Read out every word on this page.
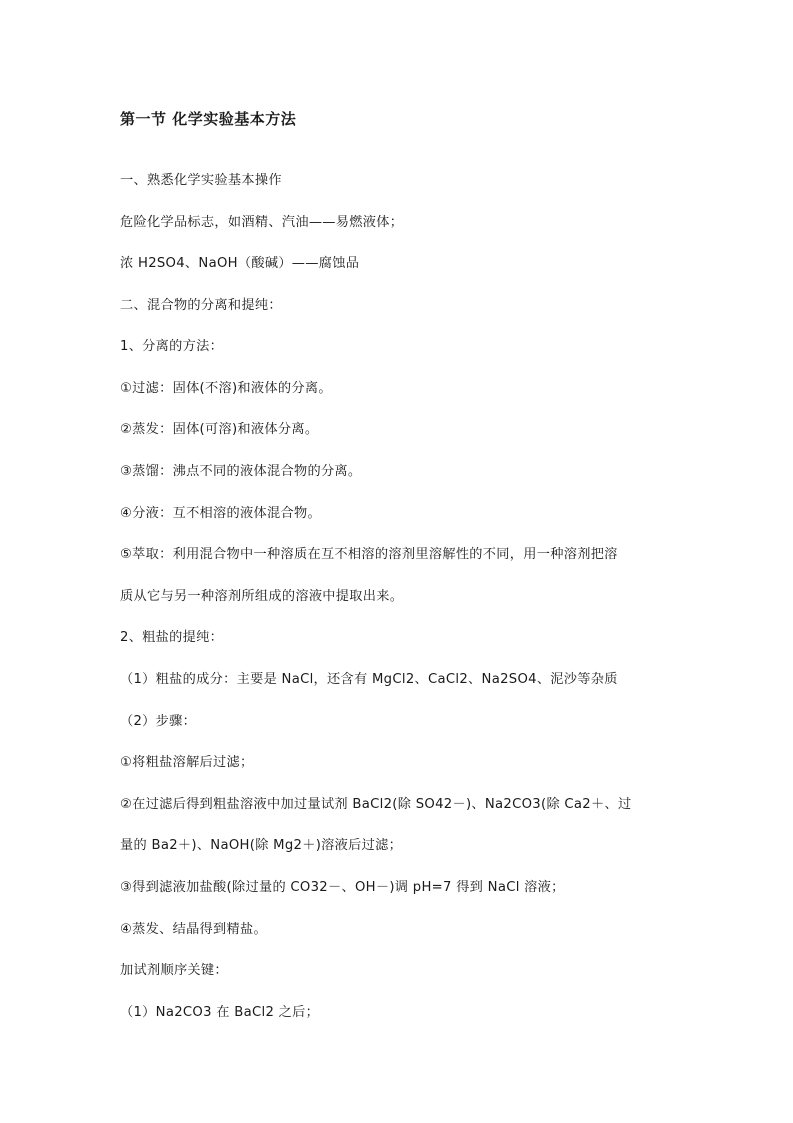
第一节 化学实验基本方法
一、熟悉化学实验基本操作
危险化学品标志，如酒精、汽油——易燃液体；
浓 H2SO4、NaOH（酸碱）——腐蚀品
二、混合物的分离和提纯：
1、分离的方法：
①过滤：固体(不溶)和液体的分离。
②蒸发：固体(可溶)和液体分离。
③蒸馏：沸点不同的液体混合物的分离。
④分液：互不相溶的液体混合物。
⑤萃取：利用混合物中一种溶质在互不相溶的溶剂里溶解性的不同，用一种溶剂把溶
质从它与另一种溶剂所组成的溶液中提取出来。
2、粗盐的提纯：
（1）粗盐的成分：主要是 NaCl，还含有 MgCl2、CaCl2、Na2SO4、泥沙等杂质
（2）步骤：
①将粗盐溶解后过滤；
②在过滤后得到粗盐溶液中加过量试剂 BaCl2(除 SO42－)、Na2CO3(除 Ca2＋、过
量的 Ba2＋)、NaOH(除 Mg2＋)溶液后过滤；
③得到滤液加盐酸(除过量的 CO32－、OH－)调 pH=7 得到 NaCl 溶液；
④蒸发、结晶得到精盐。
加试剂顺序关键：
（1）Na2CO3 在 BaCl2 之后；
